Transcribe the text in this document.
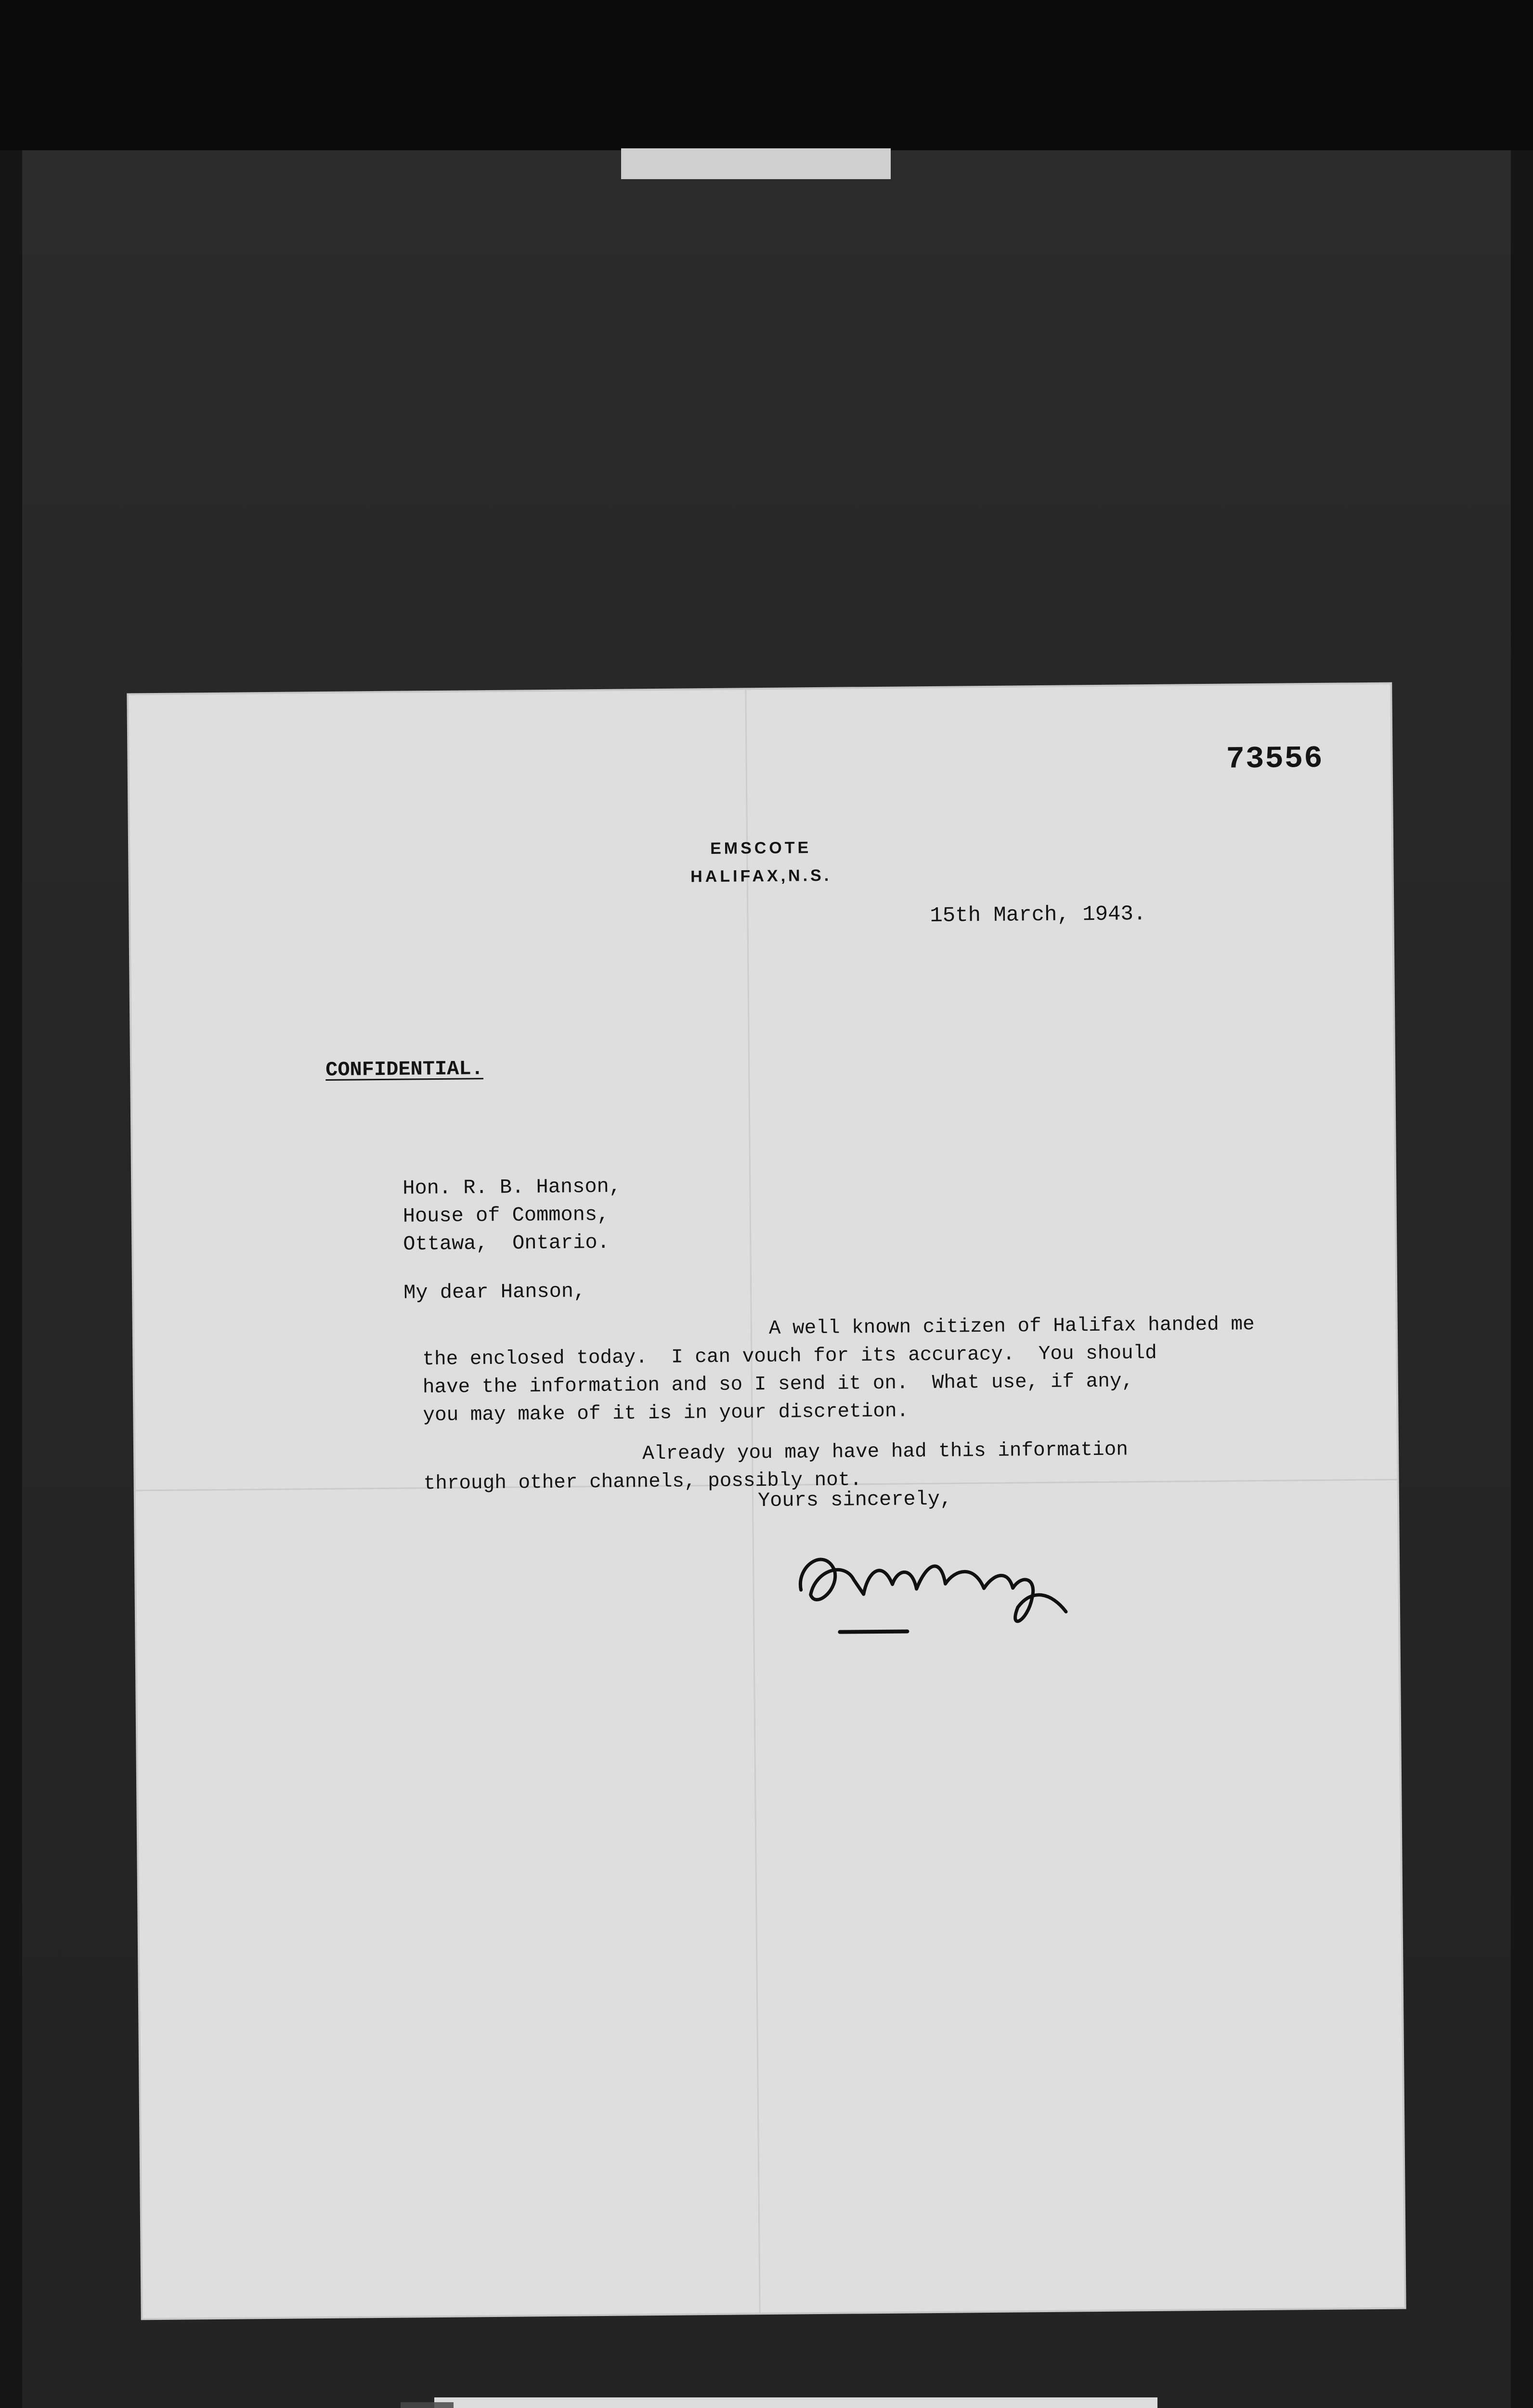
73556
EMSCOTE
HALIFAX,N.S.
15th March, 1943.
CONFIDENTIAL.
Hon. R. B. Hanson,
House of Commons,
Ottawa,  Ontario.
My dear Hanson,
A well known citizen of Halifax handed me
the enclosed today.  I can vouch for its accuracy.  You should
have the information and so I send it on.  What use, if any,
you may make of it is in your discretion.
Already you may have had this information
through other channels, possibly not.
Yours sincerely,
